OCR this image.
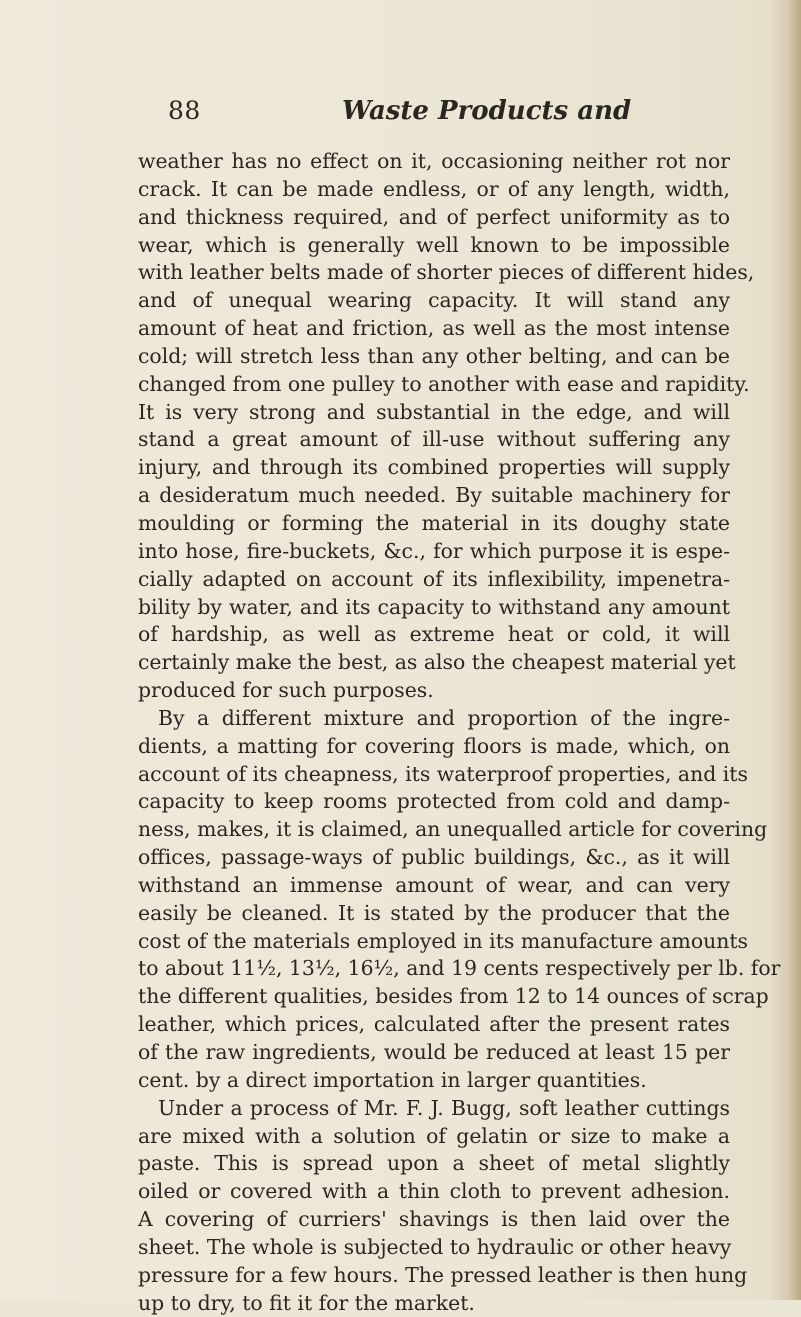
88	Waste Products and
weather has no effect on it, occasioning neither rot nor
crack. It can be made endless, or of any length, width,
and thickness required, and of perfect uniformity as to
wear, which is generally well known to be impossible
with leather belts made of shorter pieces of different hides,
and of unequal wearing capacity. It will stand any
amount of heat and friction, as well as the most intense
cold; will stretch less than any other belting, and can be
changed from one pulley to another with ease and rapidity.
It is very strong and substantial in the edge, and will
stand a great amount of ill-use without suffering any
injury, and through its combined properties will supply
a desideratum much needed. By suitable machinery for
moulding or forming the material in its doughy state
into hose, fire-buckets, &c., for which purpose it is espe-
cially adapted on account of its inflexibility, impenetra-
bility by water, and its capacity to withstand any amount
of hardship, as well as extreme heat or cold, it will
certainly make the best, as also the cheapest material yet
produced for such purposes.
By a different mixture and proportion of the ingre-
dients, a matting for covering floors is made, which, on
account of its cheapness, its waterproof properties, and its
capacity to keep rooms protected from cold and damp-
ness, makes, it is claimed, an unequalled article for covering
offices, passage-ways of public buildings, &c., as it will
withstand an immense amount of wear, and can very
easily be cleaned. It is stated by the producer that the
cost of the materials employed in its manufacture amounts
to about 11½, 13½, 16½, and 19 cents respectively per lb. for
the different qualities, besides from 12 to 14 ounces of scrap
leather, which prices, calculated after the present rates
of the raw ingredients, would be reduced at least 15 per
cent. by a direct importation in larger quantities.
Under a process of Mr. F. J. Bugg, soft leather cuttings
are mixed with a solution of gelatin or size to make a
paste. This is spread upon a sheet of metal slightly
oiled or covered with a thin cloth to prevent adhesion.
A covering of curriers' shavings is then laid over the
sheet. The whole is subjected to hydraulic or other heavy
pressure for a few hours. The pressed leather is then hung
up to dry, to fit it for the market.
